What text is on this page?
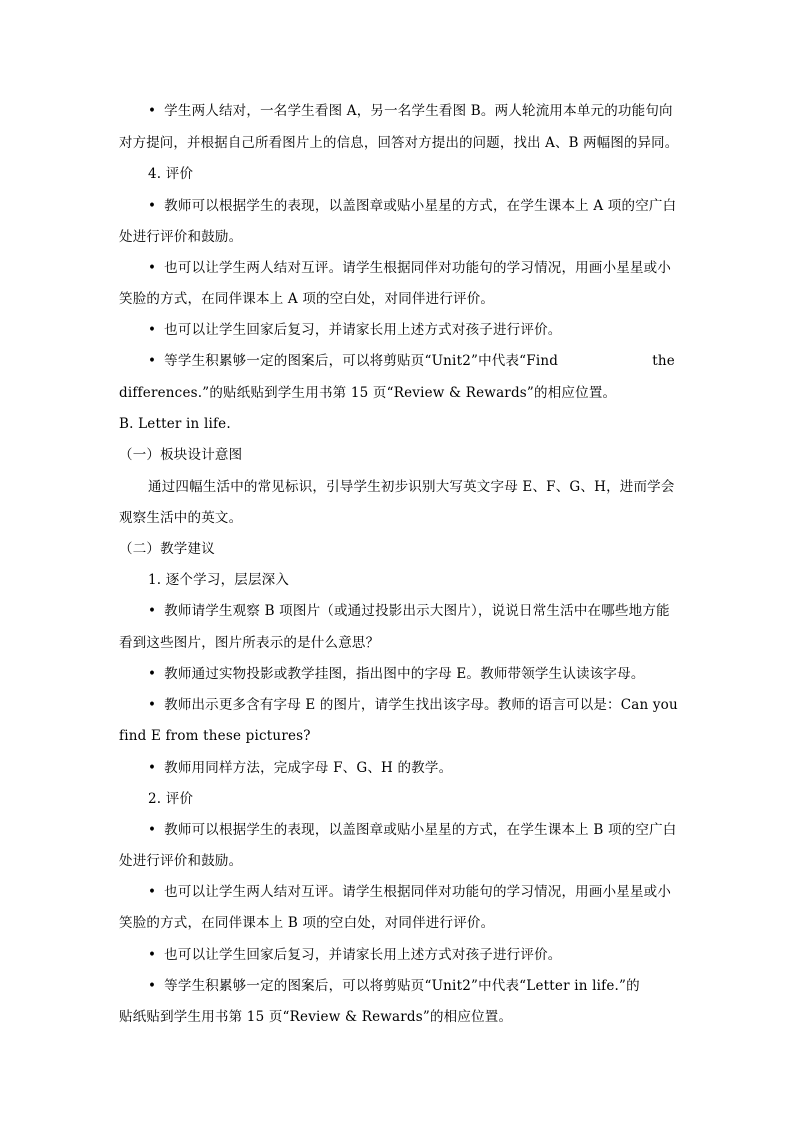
• 学生两人结对，一名学生看图 A，另一名学生看图 B。两人轮流用本单元的功能句向
对方提问，并根据自己所看图片上的信息，回答对方提出的问题，找出 A、B 两幅图的异同。
4. 评价
• 教师可以根据学生的表现，以盖图章或贴小星星的方式，在学生课本上 A 项的空广白
处进行评价和鼓励。
• 也可以让学生两人结对互评。请学生根据同伴对功能句的学习情况，用画小星星或小
笑脸的方式，在同伴课本上 A 项的空白处，对同伴进行评价。
• 也可以让学生回家后复习，并请家长用上述方式对孩子进行评价。
• 等学生积累够一定的图案后，可以将剪贴页“Unit2”中代表“Find	the
differences.”的贴纸贴到学生用书第 15 页“Review & Rewards”的相应位置。
B. Letter in life.
（一）板块设计意图
通过四幅生活中的常见标识，引导学生初步识别大写英文字母 E、F、G、H，进而学会
观察生活中的英文。
（二）教学建议
1. 逐个学习，层层深入
• 教师请学生观察 B 项图片（或通过投影出示大图片），说说日常生活中在哪些地方能
看到这些图片，图片所表示的是什么意思？
• 教师通过实物投影或教学挂图，指出图中的字母 E。教师带领学生认读该字母。
• 教师出示更多含有字母 E 的图片，请学生找出该字母。教师的语言可以是：Can you
find E from these pictures?
• 教师用同样方法，完成字母 F、G、H 的教学。
2. 评价
• 教师可以根据学生的表现，以盖图章或贴小星星的方式，在学生课本上 B 项的空广白
处进行评价和鼓励。
• 也可以让学生两人结对互评。请学生根据同伴对功能句的学习情况，用画小星星或小
笑脸的方式，在同伴课本上 B 项的空白处，对同伴进行评价。
• 也可以让学生回家后复习，并请家长用上述方式对孩子进行评价。
• 等学生积累够一定的图案后，可以将剪贴页“Unit2”中代表“Letter in life.”的
贴纸贴到学生用书第 15 页“Review & Rewards”的相应位置。
